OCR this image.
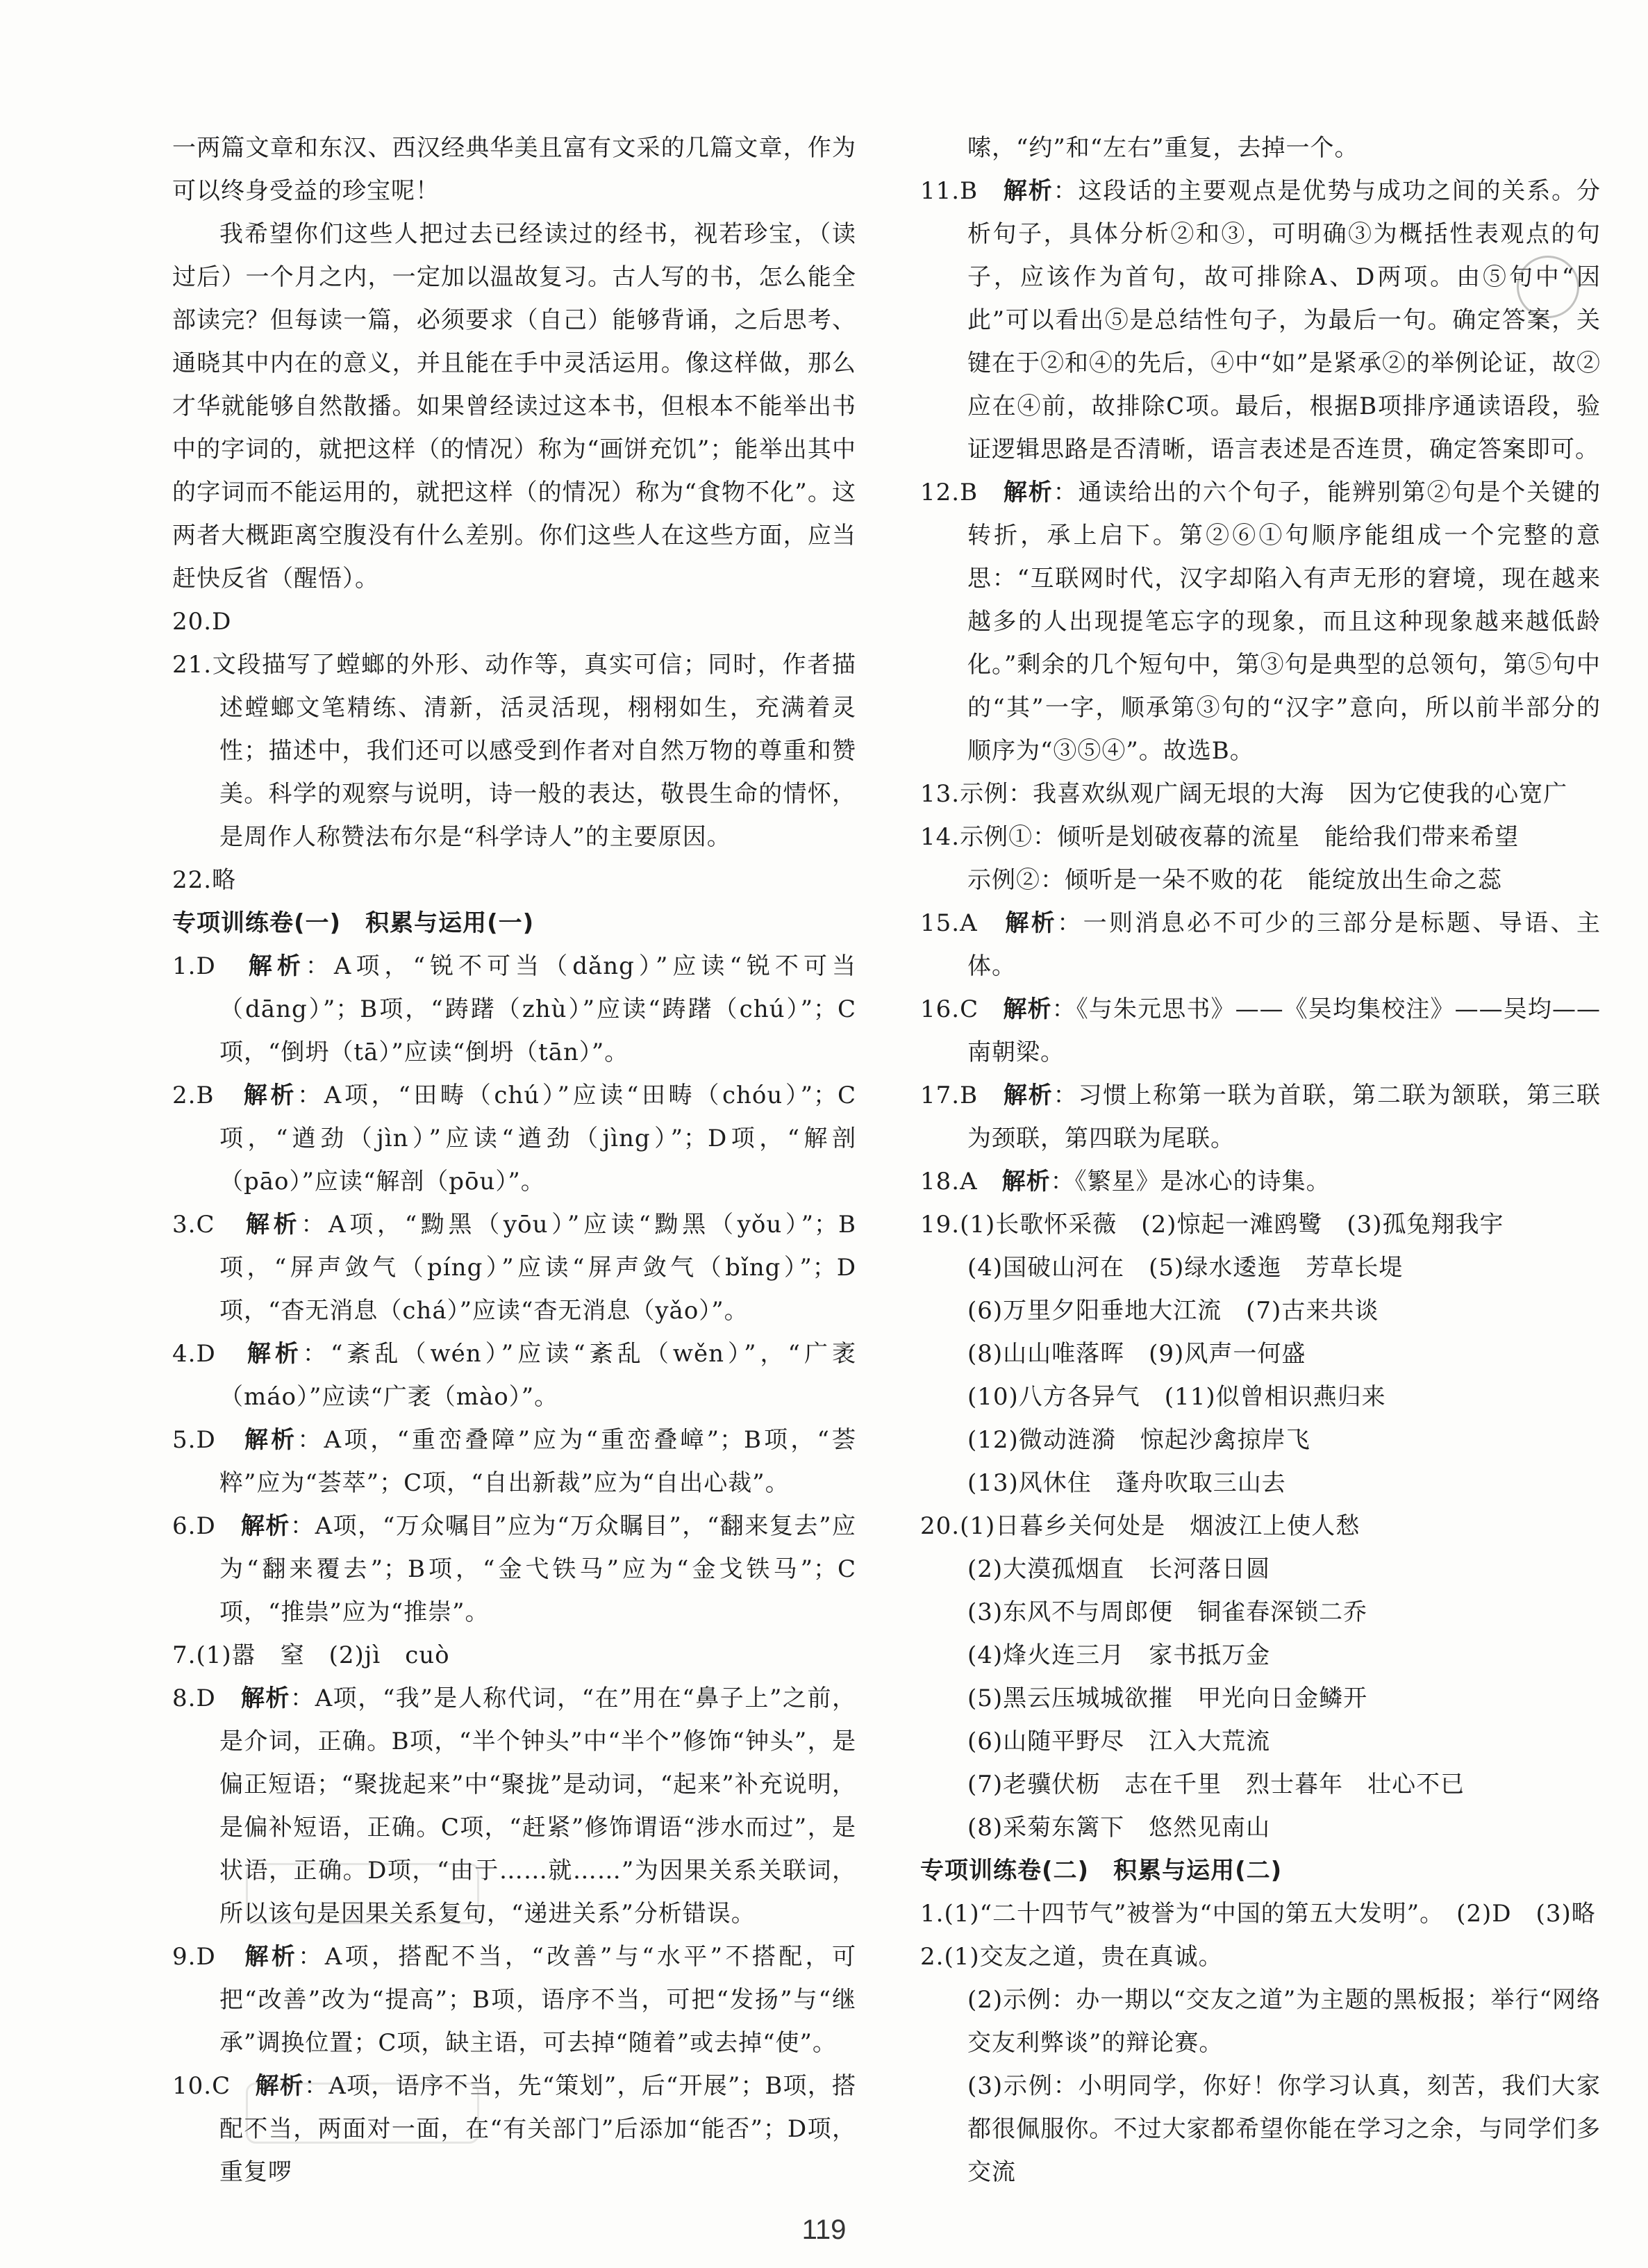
一两篇文章和东汉、西汉经典华美且富有文采的几篇文章，作为可以终身受益的珍宝呢！

我希望你们这些人把过去已经读过的经书，视若珍宝，（读过后）一个月之内，一定加以温故复习。古人写的书，怎么能全部读完？但每读一篇，必须要求（自己）能够背诵，之后思考、通晓其中内在的意义，并且能在手中灵活运用。像这样做，那么才华就能够自然散播。如果曾经读过这本书，但根本不能举出书中的字词的，就把这样（的情况）称为“画饼充饥”；能举出其中的字词而不能运用的，就把这样（的情况）称为“食物不化”。这两者大概距离空腹没有什么差别。你们这些人在这些方面，应当赶快反省（醒悟）。

20.D

21.文段描写了螳螂的外形、动作等，真实可信；同时，作者描述螳螂文笔精练、清新，活灵活现，栩栩如生，充满着灵性；描述中，我们还可以感受到作者对自然万物的尊重和赞美。科学的观察与说明，诗一般的表达，敬畏生命的情怀，是周作人称赞法布尔是“科学诗人”的主要原因。

22.略

专项训练卷(一)　积累与运用(一)

1.D　 解析：A项，“锐不可当（dǎng）”应读“锐不可当（dāng）”；B项，“踌躇（zhù）”应读“踌躇（chú）”；C项，“倒坍（tā）”应读“倒坍（tān）”。

2.B　 解析：A项，“田畴（chú）”应读“田畴（chóu）”；C项，“遒劲（jìn）”应读“遒劲（jìng）”；D项，“解剖（pāo）”应读“解剖（pōu）”。

3.C　 解析：A项，“黝黑（yōu）”应读“黝黑（yǒu）”；B项，“屏声敛气（píng）”应读“屏声敛气（bǐng）”；D项，“杳无消息（chá）”应读“杳无消息（yǎo）”。

4.D　 解析：“紊乱（wén）”应读“紊乱（wěn）”，“广袤（máo）”应读“广袤（mào）”。

5.D　 解析：A项，“重峦叠障”应为“重峦叠嶂”；B项，“荟粹”应为“荟萃”；C项，“自出新裁”应为“自出心裁”。

6.D　 解析：A项，“万众嘱目”应为“万众瞩目”，“翻来复去”应为“翻来覆去”；B项，“金弋铁马”应为“金戈铁马”；C项，“推祟”应为“推崇”。

7.(1)嚣　窒　(2)jì　cuò

8.D　 解析：A项，“我”是人称代词，“在”用在“鼻子上”之前，是介词，正确。B项，“半个钟头”中“半个”修饰“钟头”，是偏正短语；“聚拢起来”中“聚拢”是动词，“起来”补充说明，是偏补短语，正确。C项，“赶紧”修饰谓语“涉水而过”，是状语，正确。D项，“由于……就……”为因果关系关联词，所以该句是因果关系复句，“递进关系”分析错误。

9.D　 解析：A项，搭配不当，“改善”与“水平”不搭配，可把“改善”改为“提高”；B项，语序不当，可把“发扬”与“继承”调换位置；C项，缺主语，可去掉“随着”或去掉“使”。

10.C　 解析：A项，语序不当，先“策划”，后“开展”；B项，搭配不当，两面对一面，在“有关部门”后添加“能否”；D项，重复啰

嗦，“约”和“左右”重复，去掉一个。

11.B　 解析：这段话的主要观点是优势与成功之间的关系。分析句子，具体分析②和③，可明确③为概括性表观点的句子，应该作为首句，故可排除A、D两项。由⑤句中“因此”可以看出⑤是总结性句子，为最后一句。确定答案，关键在于②和④的先后，④中“如”是紧承②的举例论证，故②应在④前，故排除C项。最后，根据B项排序通读语段，验证逻辑思路是否清晰，语言表述是否连贯，确定答案即可。

12.B　 解析：通读给出的六个句子，能辨别第②句是个关键的转折，承上启下。第②⑥①句顺序能组成一个完整的意思：“互联网时代，汉字却陷入有声无形的窘境，现在越来越多的人出现提笔忘字的现象，而且这种现象越来越低龄化。”剩余的几个短句中，第③句是典型的总领句，第⑤句中的“其”一字，顺承第③句的“汉字”意向，所以前半部分的顺序为“③⑤④”。故选B。

13.示例：我喜欢纵观广阔无垠的大海　因为它使我的心宽广

14.示例①：倾听是划破夜幕的流星　能给我们带来希望

示例②：倾听是一朵不败的花　能绽放出生命之蕊

15.A　 解析：一则消息必不可少的三部分是标题、导语、主体。

16.C　 解析：《与朱元思书》——《吴均集校注》——吴均——南朝梁。

17.B　 解析：习惯上称第一联为首联，第二联为颔联，第三联为颈联，第四联为尾联。

18.A　 解析：《繁星》是冰心的诗集。

19.(1)长歌怀采薇　(2)惊起一滩鸥鹭　(3)孤兔翔我宇

(4)国破山河在　(5)绿水逶迤　芳草长堤

(6)万里夕阳垂地大江流　(7)古来共谈

(8)山山唯落晖　(9)风声一何盛

(10)八方各异气　(11)似曾相识燕归来

(12)微动涟漪　惊起沙禽掠岸飞

(13)风休住　蓬舟吹取三山去

20.(1)日暮乡关何处是　烟波江上使人愁

(2)大漠孤烟直　长河落日圆

(3)东风不与周郎便　铜雀春深锁二乔

(4)烽火连三月　家书抵万金

(5)黑云压城城欲摧　甲光向日金鳞开

(6)山随平野尽　江入大荒流

(7)老骥伏枥　志在千里　烈士暮年　壮心不已

(8)采菊东篱下　悠然见南山

专项训练卷(二)　积累与运用(二)

1.(1)“二十四节气”被誉为“中国的第五大发明”。　(2)D　(3)略

2.(1)交友之道，贵在真诚。

(2)示例：办一期以“交友之道”为主题的黑板报；举行“网络交友利弊谈”的辩论赛。

(3)示例：小明同学，你好！你学习认真，刻苦，我们大家都很佩服你。不过大家都希望你能在学习之余，与同学们多交流

119
